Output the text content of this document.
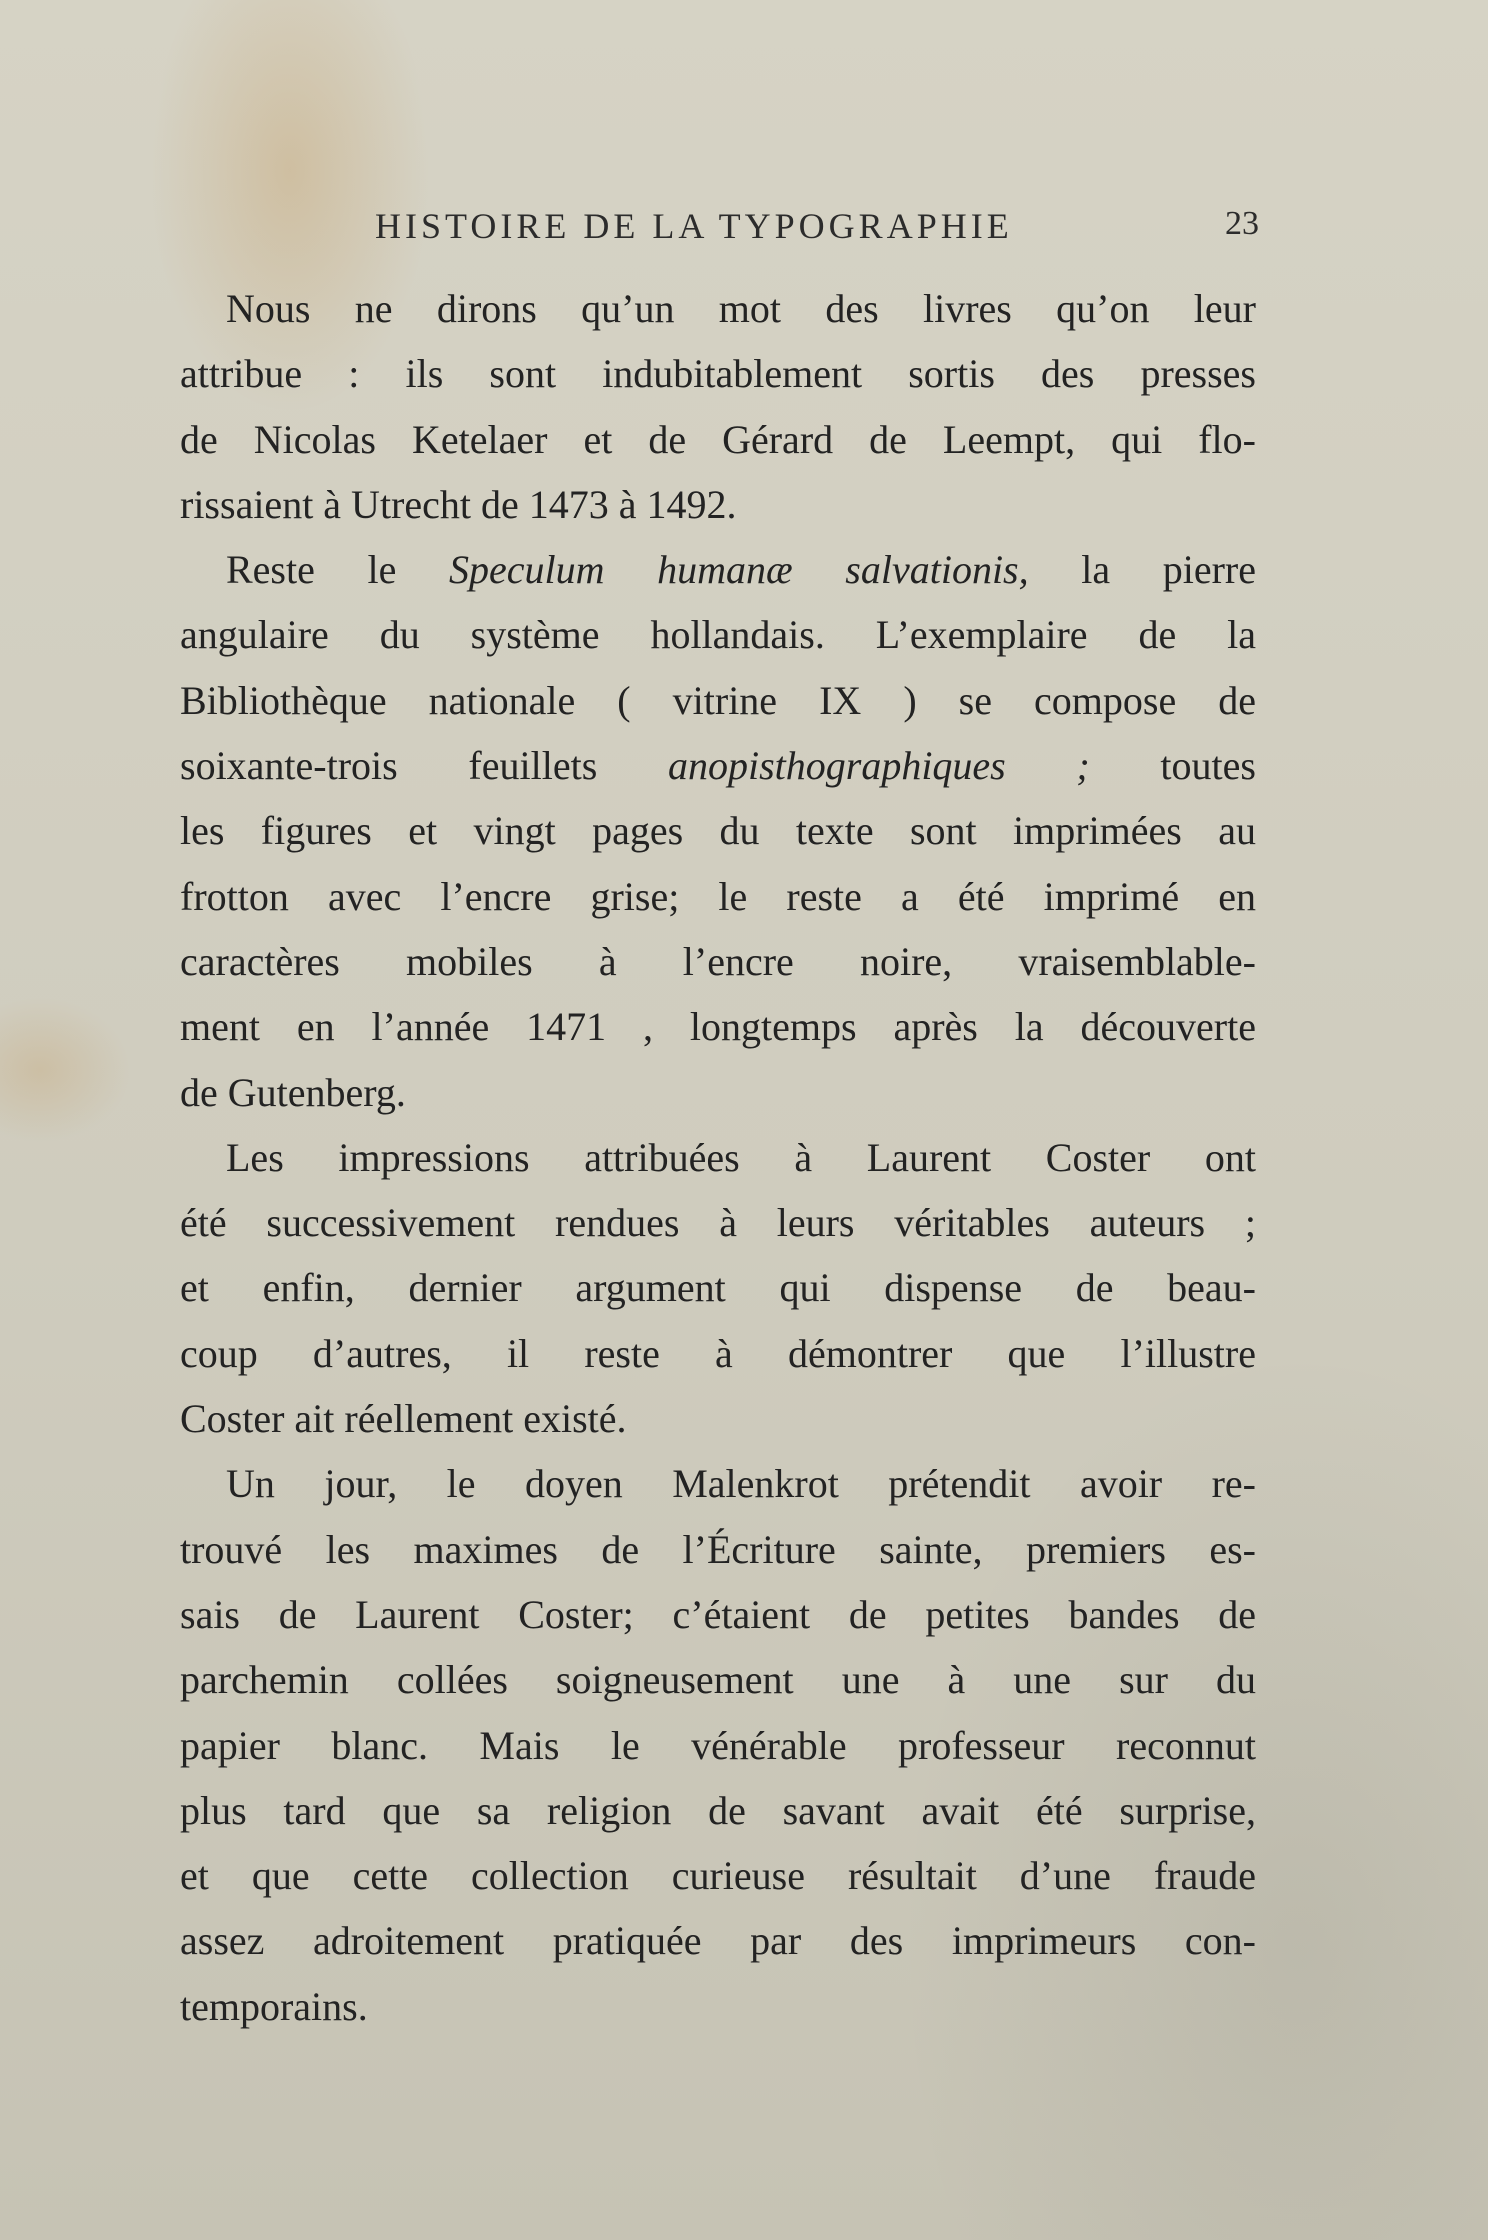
HISTOIRE DE LA TYPOGRAPHIE	23
Nous ne dirons qu’un mot des livres qu’on leur
attribue : ils sont indubitablement sortis des presses
de Nicolas Ketelaer et de Gérard de Leempt, qui flo-
rissaient à Utrecht de 1473 à 1492.
Reste le Speculum humanæ salvationis, la pierre
angulaire du système hollandais. L’exemplaire de la
Bibliothèque nationale ( vitrine IX ) se compose de
soixante-trois feuillets anopisthographiques ; toutes
les figures et vingt pages du texte sont imprimées au
frotton avec l’encre grise; le reste a été imprimé en
caractères mobiles à l’encre noire, vraisemblable-
ment en l’année 1471 , longtemps après la découverte
de Gutenberg.
Les impressions attribuées à Laurent Coster ont
été successivement rendues à leurs véritables auteurs ;
et enfin, dernier argument qui dispense de beau-
coup d’autres, il reste à démontrer que l’illustre
Coster ait réellement existé.
Un jour, le doyen Malenkrot prétendit avoir re-
trouvé les maximes de l’Écriture sainte, premiers es-
sais de Laurent Coster; c’étaient de petites bandes de
parchemin collées soigneusement une à une sur du
papier blanc. Mais le vénérable professeur reconnut
plus tard que sa religion de savant avait été surprise,
et que cette collection curieuse résultait d’une fraude
assez adroitement pratiquée par des imprimeurs con-
temporains.
